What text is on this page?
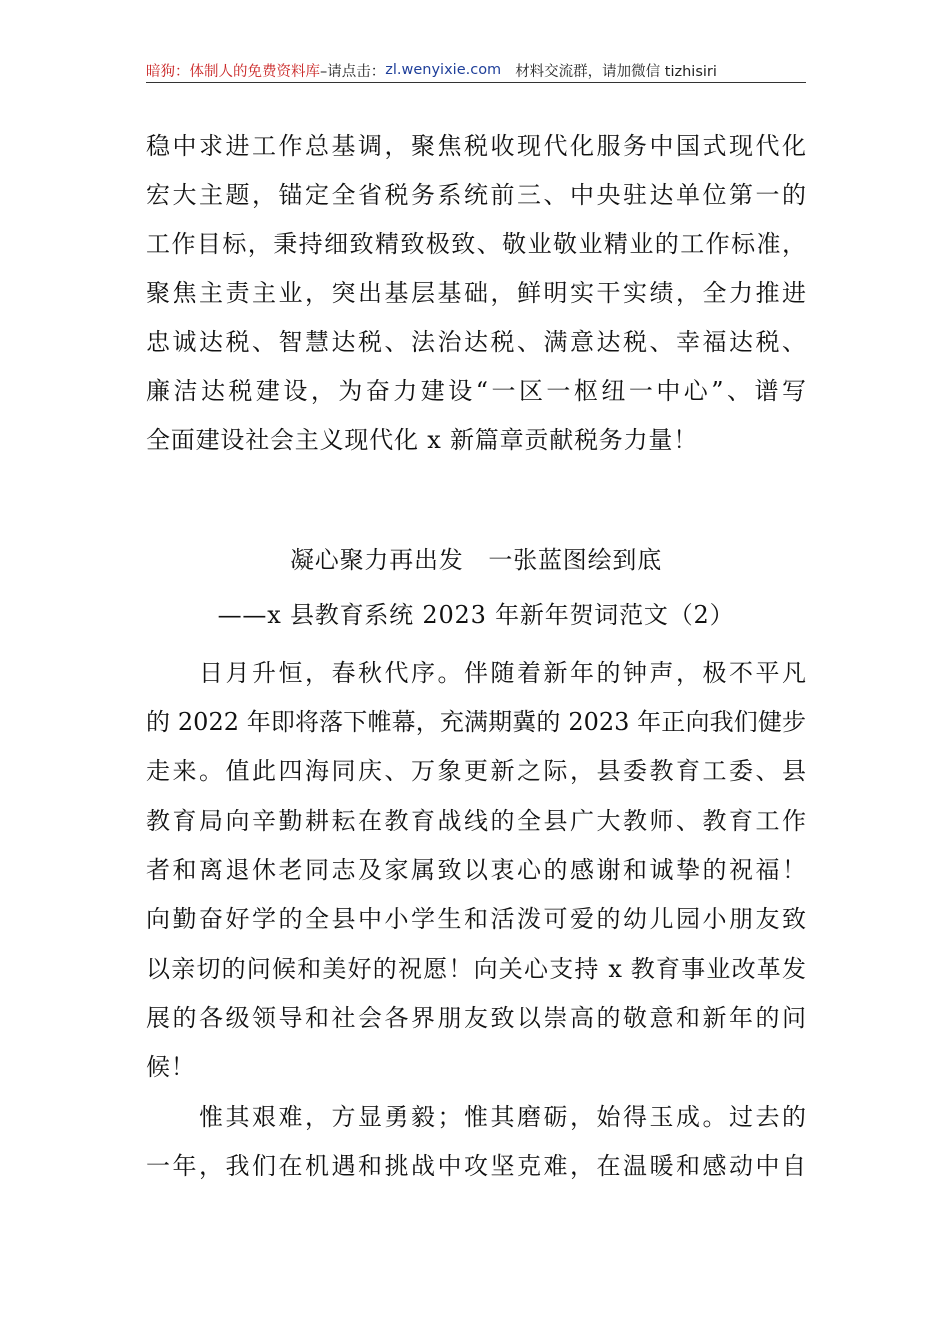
暗狗：体制人的免费资料库 –请点击： zl.wenyixie.com 材料交流群，请加微信 tizhisiri
稳中求进工作总基调，聚焦税收现代化服务中国式现代化
宏大主题，锚定全省税务系统前三、中央驻达单位第一的
工作目标，秉持细致精致极致、敬业敬业精业的工作标准，
聚焦主责主业，突出基层基础，鲜明实干实绩，全力推进
忠诚达税、智慧达税、法治达税、满意达税、幸福达税、
廉洁达税建设，为奋力建设“一区一枢纽一中心”、谱写
全面建设社会主义现代化 x 新篇章贡献税务力量！
凝心聚力再出发　一张蓝图绘到底
——x 县教育系统 2023 年新年贺词范文（2）
　　日月升恒，春秋代序。伴随着新年的钟声，极不平凡
的 2022 年即将落下帷幕，充满期冀的 2023 年正向我们健步
走来。值此四海同庆、万象更新之际，县委教育工委、县
教育局向辛勤耕耘在教育战线的全县广大教师、教育工作
者和离退休老同志及家属致以衷心的感谢和诚挚的祝福！
向勤奋好学的全县中小学生和活泼可爱的幼儿园小朋友致
以亲切的问候和美好的祝愿！向关心支持 x 教育事业改革发
展的各级领导和社会各界朋友致以崇高的敬意和新年的问
候！
　　惟其艰难，方显勇毅；惟其磨砺，始得玉成。过去的
一年，我们在机遇和挑战中攻坚克难，在温暖和感动中自
